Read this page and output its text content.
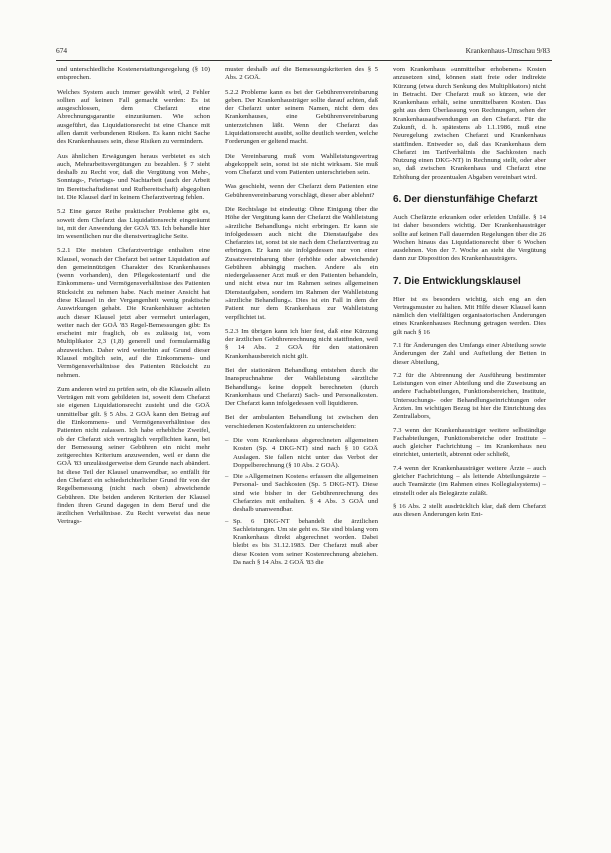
674	Krankenhaus-Umschau 9/83

und unterschiedliche Kostenerstattungsregelung (§ 10) entsprechen.

Welches System auch immer gewählt wird, 2 Fehler sollten auf keinen Fall gemacht werden: Es ist ausgeschlossen, dem Chefarzt eine Abrechnungsgarantie einzuräumen. Wie schon ausgeführt, das Liquidationsrecht ist eine Chance mit allen damit verbundenen Risiken. Es kann nicht Sache des Krankenhauses sein, diese Risiken zu vermindern.

Aus ähnlichen Erwägungen heraus verbietet es sich auch, Mehrarbeitsvergütungen zu bezahlen. § 7 sieht deshalb zu Recht vor, daß die Vergütung von Mehr-, Sonntags-, Feiertags- und Nachtarbeit (auch der Arbeit im Bereitschaftsdienst und Rufbereitschaft) abgegolten ist. Die Klausel darf in keinem Chefarztvertrag fehlen.

5.2 Eine ganze Reihe praktischer Probleme gibt es, soweit dem Chefarzt das Liquidationsrecht eingeräumt ist, mit der Anwendung der GOÄ '83. Ich behandle hier im wesentlichen nur die dienstvertragliche Seite.

5.2.1 Die meisten Chefarztverträge enthalten eine Klausel, wonach der Chefarzt bei seiner Liquidation auf den gemeinnützigen Charakter des Krankenhauses (wenn vorhanden), den Pflegekostentarif und die Einkommens- und Vermögensverhältnisse des Patienten Rücksicht zu nehmen habe. Nach meiner Ansicht hat diese Klausel in der Vergangenheit wenig praktische Auswirkungen gehabt. Die Krankenhäuser achteten auch dieser Klausel jetzt aber vermehrt unterlagen, weiter nach der GOÄ '83 Regel-Bemessungen gibt: Es erscheint mir fraglich, ob es zulässig ist, vom Multiplikator 2,3 (1,8) generell und formularmäßig abzuweichen. Daher wird weiterhin auf Grund dieser Klausel möglich sein, auf die Einkommens- und Vermögensverhältnisse des Patienten Rücksicht zu nehmen.

Zum anderen wird zu prüfen sein, ob die Klauseln allein Verträgen mit vom gebildeten ist, soweit dem Chefarzt sie eigenen Liquidationsrecht zusteht und die GOÄ unmittelbar gilt. § 5 Abs. 2 GOÄ kann den Betrag auf die Einkommens- und Vermögensverhältnisse des Patienten nicht zulassen. Ich habe erhebliche Zweifel, ob der Chefarzt sich vertraglich verpflichten kann, bei der Bemessung seiner Gebühren ein nicht mehr zeitgerechtes Kriterium anzuwenden, weil er dann die GOÄ '83 unzulässigerweise dem Grunde nach abändert. Ist diese Teil der Klausel unanwendbar, so entfällt für den Chefarzt ein schiedsrichterlicher Grund für von der Regelbemessung (nicht nach oben) abweichende Gebühren. Die beiden anderen Kriterien der Klausel finden ihren Grund dagegen in dem Beruf und die ärztlichen Verhältnisse. Zu Recht verweist das neue Vertrags-

muster deshalb auf die Bemessungskriterien des § 5 Abs. 2 GOÄ.

5.2.2 Probleme kann es bei der Gebührenvereinbarung geben. Der Krankenhausträger sollte darauf achten, daß der Chefarzt unter seinem Namen, nicht dem des Krankenhauses, eine Gebührenvereinbarung unterzeichnen läßt. Wenn der Chefarzt das Liquidationsrecht ausübt, sollte deutlich werden, welche Forderungen er geltend macht.

Die Vereinbarung muß vom Wahlleistungsvertrag abgekoppelt sein, sonst ist sie nicht wirksam. Sie muß vom Chefarzt und vom Patienten unterschrieben sein.

Was geschieht, wenn der Chefarzt dem Patienten eine Gebührenvereinbarung vorschlägt, dieser aber ablehnt?

Die Rechtslage ist eindeutig: Ohne Einigung über die Höhe der Vergütung kann der Chefarzt die Wahlleistung »ärztliche Behandlung« nicht erbringen. Er kann sie infolgedessen auch nicht die Dienstaufgabe des Chefarztes ist, sonst ist sie nach dem Chefarztvertrag zu erbringen. Er kann sie infolgedessen nur von einer Zusatzvereinbarung über (erhöhte oder abweichende) Gebühren abhängig machen. Andere als ein niedergelassener Arzt muß er den Patienten behandeln, und nicht etwa nur im Rahmen seines allgemeinen Dienstaufgaben, sondern im Rahmen der Wahlleistung »ärztliche Behandlung«. Dies ist ein Fall in dem der Patient nur dem Krankenhaus zur Wahlleistung verpflichtet ist.

5.2.3 Im übrigen kann ich hier fest, daß eine Kürzung der ärztlichen Gebührenrechnung nicht stattfinden, weil § 14 Abs. 2 GOÄ für den stationären Krankenhausbereich nicht gilt.

Bei der stationären Behandlung entstehen durch die Inanspruchnahme der Wahlleistung »ärztliche Behandlung« keine doppelt berechneten (durch Krankenhaus und Chefarzt) Sach- und Personalkosten. Der Chefarzt kann infolgedessen voll liquidieren.

Bei der ambulanten Behandlung ist zwischen den verschiedenen Kostenfaktoren zu unterscheiden:

– Die vom Krankenhaus abgerechneten allgemeinen Kosten (Sp. 4 DKG-NT) sind nach § 10 GOÄ Auslagen. Sie fallen nicht unter das Verbot der Doppelberechnung (§ 10 Abs. 2 GOÄ).
– Die »Allgemeinen Kosten« erfassen die allgemeinen Personal- und Sachkosten (Sp. 5 DKG-NT). Diese sind wie bisher in der Gebührenrechnung des Chefarztes mit enthalten. § 4 Abs. 3 GOÄ und deshalb unanwendbar.
– Sp. 6 DKG-NT behandelt die ärztlichen Sachleistungen. Um sie geht es. Sie sind bislang vom Krankenhaus direkt abgerechnet worden. Dabei bleibt es bis 31.12.1983. Der Chefarzt muß aber diese Kosten vom seiner Kostenrechnung abziehen. Da nach § 14 Abs. 2 GOÄ '83 die

vom Krankenhaus »unmittelbar erhobenen« Kosten anzusetzen sind, können statt freie oder indirekte Kürzung (etwa durch Senkung des Multiplikators) nicht in Betracht. Der Chefarzt muß so kürzen, wie der Krankenhaus erhält, seine unmittelbaren Kosten. Das geht aus dem Überlassung von Rechnungen, sehen der Krankenhausaufwendungen an den Chefarzt. Für die Zukunft, d. h. spätestens ab 1.1.1986, muß eine Neuregelung zwischen Chefarzt und Krankenhaus stattfinden. Entweder so, daß das Krankenhaus dem Chefarzt im Tarifverhältnis die Sachkosten nach Nutzung einen DKG-NT) in Rechnung stellt, oder aber so, daß zwischen Krankenhaus und Chefarzt eine Erhöhung der prozentualen Abgaben vereinbart wird.

6. Der dienstunfähige Chefarzt

Auch Chefärzte erkranken oder erleiden Unfälle. § 14 ist daher besonders wichtig. Der Krankenhausträger sollte auf keinen Fall dauernden Regelungen über die 26 Wochen hinaus das Liquidationsrecht über 6 Wochen ausdehnen. Von der 7. Woche an steht die Vergütung dann zur Disposition des Krankenhausträgers.

7. Die Entwicklungsklausel

Hier ist es besonders wichtig, sich eng an den Vertragsmuster zu halten. Mit Hilfe dieser Klausel kann nämlich den vielfältigen organisatorischen Änderungen eines Krankenhauses Rechnung getragen werden. Dies gilt nach § 16

7.1 für Änderungen des Umfangs einer Abteilung sowie Änderungen der Zahl und Aufteilung der Betten in dieser Abteilung,

7.2 für die Abtrennung der Ausführung bestimmter Leistungen von einer Abteilung und die Zuweisung an andere Fachabteilungen, Funktionsbereichen, Institute, Untersuchungs- oder Behandlungseinrichtungen oder Ärzten. Im wichtigen Bezug ist hier die Einrichtung des Zentrallabors,

7.3 wenn der Krankenhausträger weitere selbständige Fachabteilungen, Funktionsbereiche oder Institute – auch gleicher Fachrichtung – im Krankenhaus neu einrichtet, unterteilt, abtrennt oder schließt,

7.4 wenn der Krankenhausträger weitere Ärzte – auch gleicher Fachrichtung – als leitende Abteilungsärzte – auch Teamärzte (im Rahmen eines Kollegialsystems) – einstellt oder als Belegärzte zuläßt.

§ 16 Abs. 2 stellt ausdrücklich klar, daß dem Chefarzt aus diesen Änderungen kein Ent-
